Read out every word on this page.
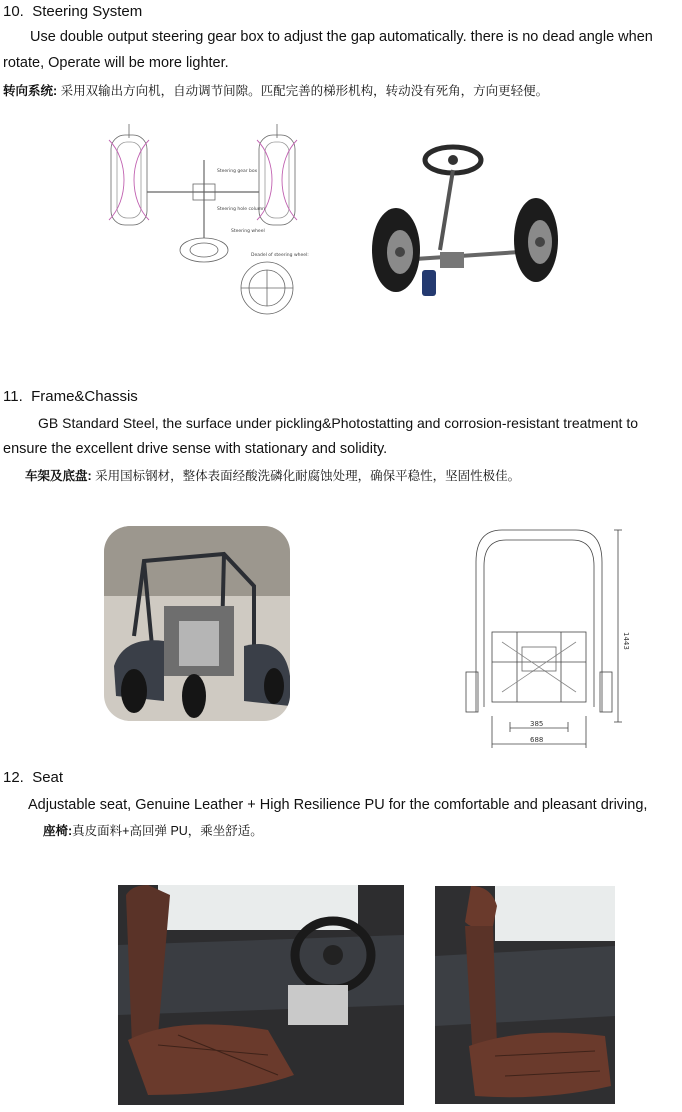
10. Steering System
Use double output steering gear box to adjust the gap automatically. there is no dead angle when
rotate, Operate will be more lighter.
转向系统: 采用双输出方向机，自动调节间隙。匹配完善的梯形机构，转动没有死角，方向更轻便。
Steering gear box
Steering hole column
Steering wheel
Deadel of steering wheel:
11. Frame&Chassis
GB Standard Steel, the surface under pickling&Photostatting and corrosion-resistant treatment to
ensure the excellent drive sense with stationary and solidity.
车架及底盘: 采用国标钢材，整体表面经酸洗磷化耐腐蚀处理，确保平稳性，坚固性极佳。
1443
385
688
12. Seat
Adjustable seat, Genuine Leather + High Resilience PU for the comfortable and pleasant driving,
座椅:真皮面料+高回弹 PU，乘坐舒适。
